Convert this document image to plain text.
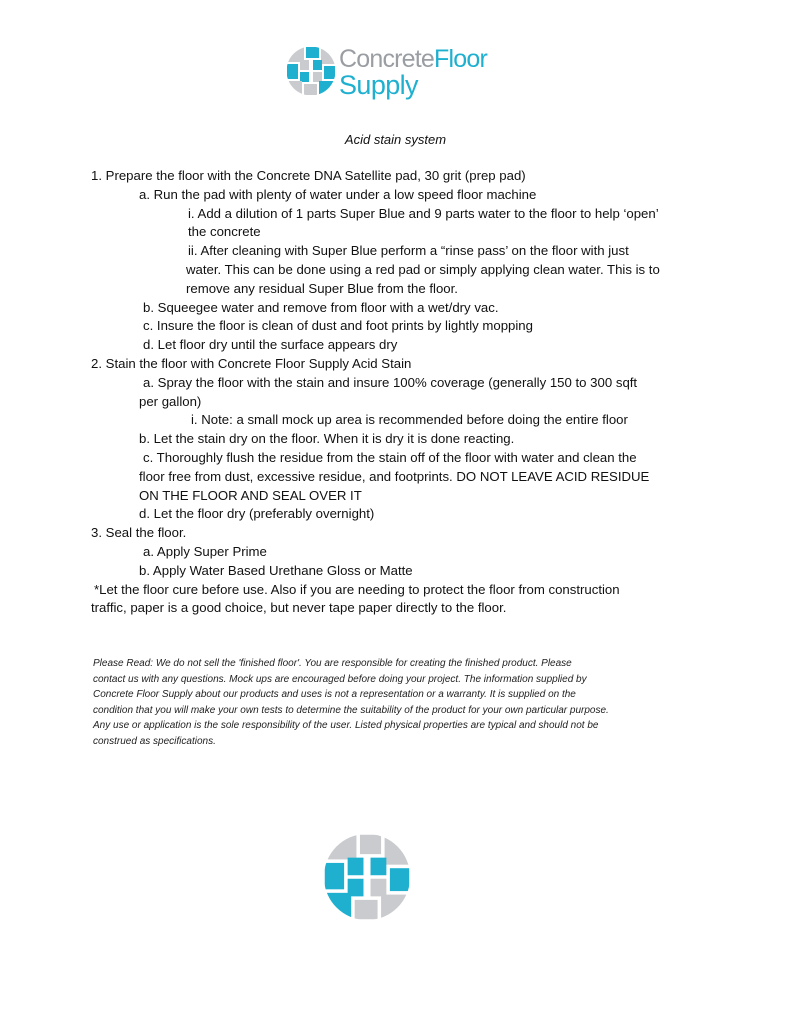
ConcreteFloor
Supply
Acid stain system
1. Prepare the floor with the Concrete DNA Satellite pad, 30 grit (prep pad)
a. Run the pad with plenty of water under a low speed floor machine
i. Add a dilution of 1 parts Super Blue and 9 parts water to the floor to help ‘open’
the concrete
ii. After cleaning with Super Blue perform a “rinse pass’ on the floor with just
water. This can be done using a red pad or simply applying clean water. This is to
remove any residual Super Blue from the floor.
b. Squeegee water and remove from floor with a wet/dry vac.
c. Insure the floor is clean of dust and foot prints by lightly mopping
d. Let floor dry until the surface appears dry
2. Stain the floor with Concrete Floor Supply Acid Stain
a. Spray the floor with the stain and insure 100% coverage (generally 150 to 300 sqft
per gallon)
i. Note: a small mock up area is recommended before doing the entire floor
b. Let the stain dry on the floor. When it is dry it is done reacting.
c. Thoroughly flush the residue from the stain off of the floor with water and clean the
floor free from dust, excessive residue, and footprints. DO NOT LEAVE ACID RESIDUE
ON THE FLOOR AND SEAL OVER IT
d. Let the floor dry (preferably overnight)
3. Seal the floor.
a. Apply Super Prime
b. Apply Water Based Urethane Gloss or Matte
*Let the floor cure before use. Also if you are needing to protect the floor from construction
traffic, paper is a good choice, but never tape paper directly to the floor.
Please Read: We do not sell the 'finished floor'. You are responsible for creating the finished product. Please
contact us with any questions. Mock ups are encouraged before doing your project. The information supplied by
Concrete Floor Supply about our products and uses is not a representation or a warranty. It is supplied on the
condition that you will make your own tests to determine the suitability of the product for your own particular purpose.
Any use or application is the sole responsibility of the user. Listed physical properties are typical and should not be
construed as specifications.
